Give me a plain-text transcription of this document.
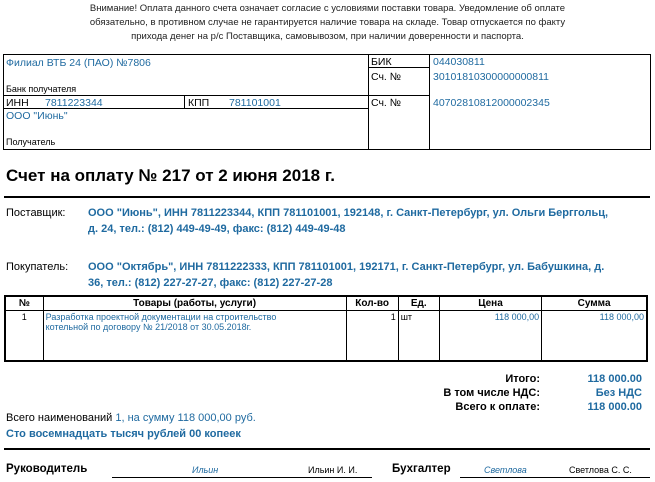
Внимание! Оплата данного счета означает согласие с условиями поставки товара. Уведомление об оплате
обязательно, в противном случае не гарантируется наличие товара на складе. Товар отпускается по факту
прихода денег на р/с Поставщика, самовывозом, при наличии доверенности и паспорта.
Филиал ВТБ 24 (ПАО) №7806
Банк получателя
БИК	044030811
Сч. №	30101810300000000811
ИНН 7811223344	КПП 781101001	Сч. №	40702810812000002345
ООО "Июнь"
Получатель
Счет на оплату № 217 от 2 июня 2018 г.
Поставщик: ООО "Июнь", ИНН 7811223344, КПП 781101001, 192148, г. Санкт-Петербург, ул. Ольги Берггольц,
д. 24, тел.: (812) 449-49-49, факс: (812) 449-49-48
Покупатель: ООО "Октябрь", ИНН 7811222333, КПП 781101001, 192171, г. Санкт-Петербург, ул. Бабушкина, д.
36, тел.: (812) 227-27-27, факс: (812) 227-27-28
№	Товары (работы, услуги)	Кол-во	Ед.	Цена	Сумма
1	Разработка проектной документации на строительство
котельной по договору № 21/2018 от 30.05.2018г.	1	шт	118 000,00	118 000,00
Итого:	118 000.00
В том числе НДС:	Без НДС
Всего к оплате:	118 000.00
Всего наименований 1, на сумму 118 000,00 руб.
Сто восемнадцать тысяч рублей 00 копеек
Руководитель	Ильин	Ильин И. И.	Бухгалтер	Светлова	Светлова С. С.
